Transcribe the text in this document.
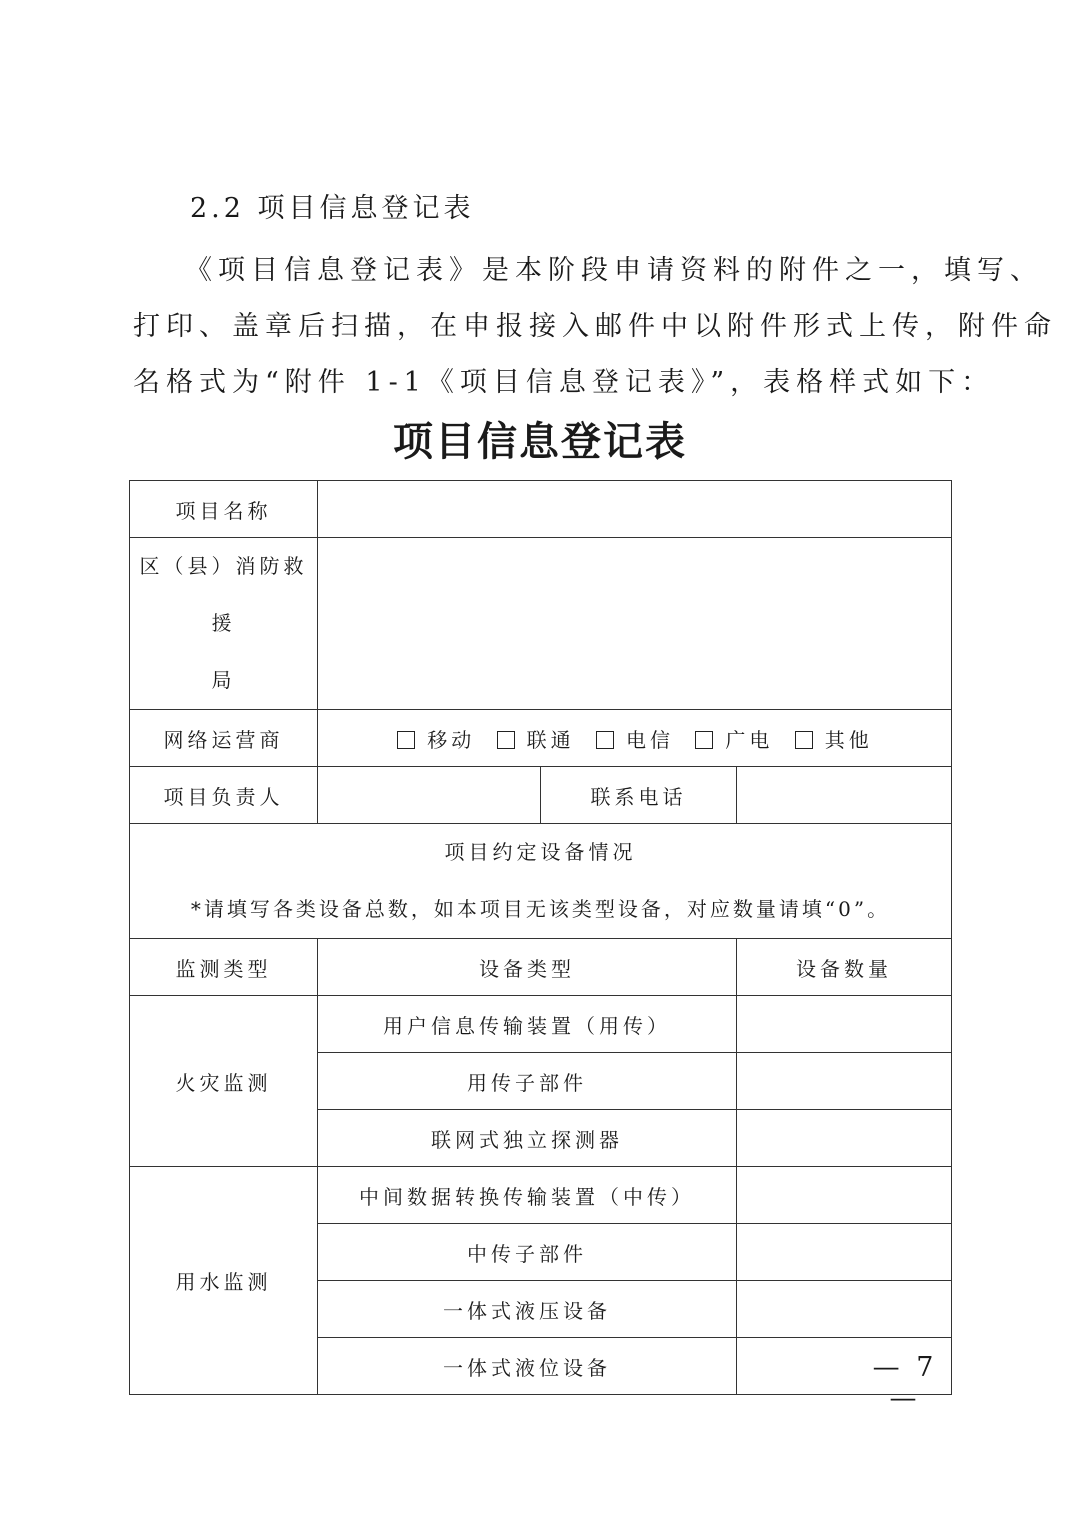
2.2 项目信息登记表
《项目信息登记表》是本阶段申请资料的附件之一，填写、
打印、盖章后扫描，在申报接入邮件中以附件形式上传，附件命
名格式为“附件 1-1《项目信息登记表》”，表格样式如下：
项目信息登记表
项目名称			
区（县）消防救援
局			
网络运营商	移动 联通 电信 广电 其他		
项目负责人		联系电话	
项目约定设备情况
*请填写各类设备总数，如本项目无该类型设备，对应数量请填“0”。			
监测类型	设备类型		设备数量
火灾监测	用户信息传输装置（用传）		
	用传子部件		
	联网式独立探测器		
用水监测	中间数据转换传输装置（中传）		
	中传子部件		
	一体式液压设备		
	一体式液位设备			— 7 —
